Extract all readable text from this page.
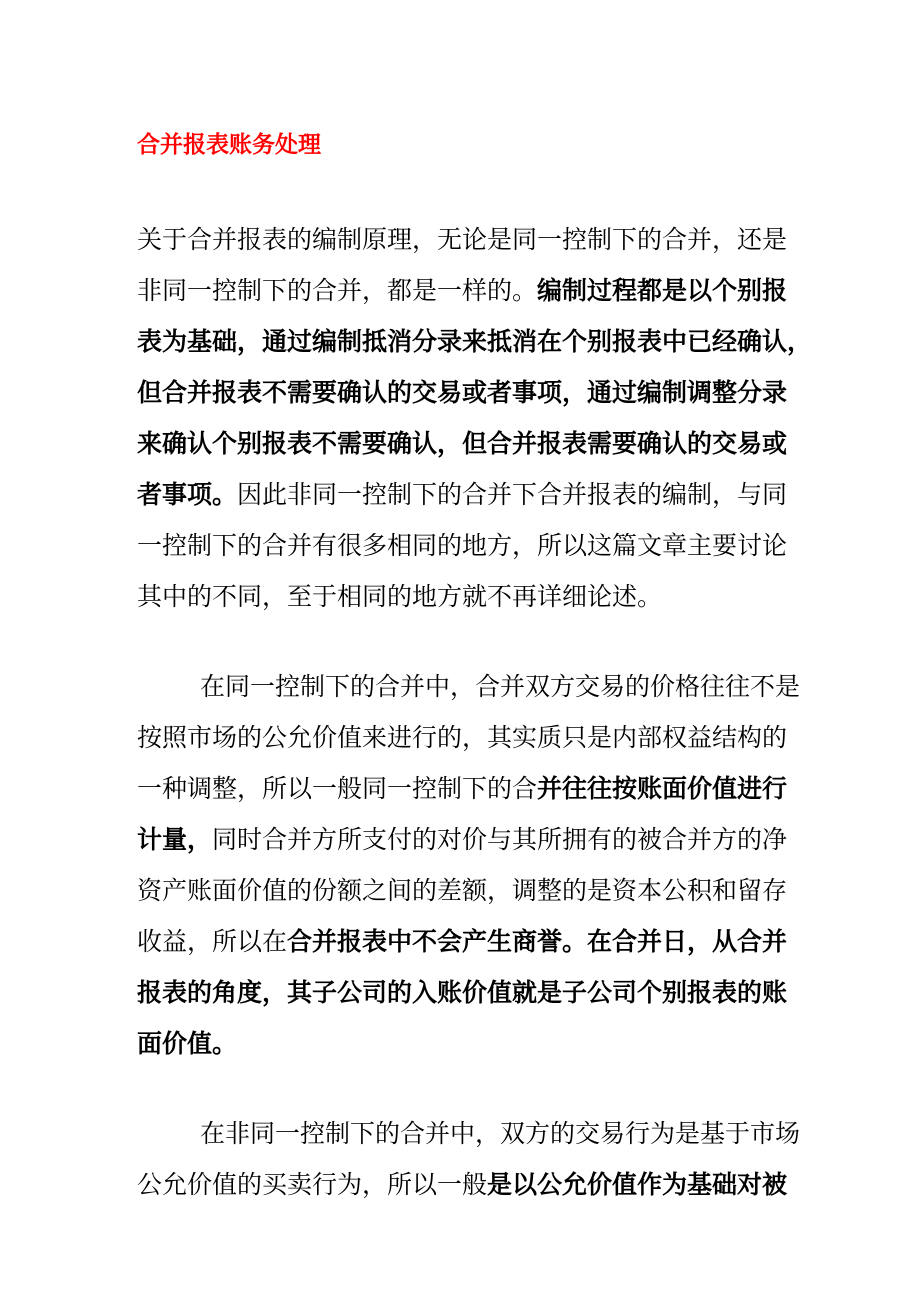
合并报表账务处理
关于合并报表的编制原理，无论是同一控制下的合并，还是
非同一控制下的合并，都是一样的。编制过程都是以个别报
表为基础，通过编制抵消分录来抵消在个别报表中已经确认，
但合并报表不需要确认的交易或者事项，通过编制调整分录
来确认个别报表不需要确认，但合并报表需要确认的交易或
者事项。因此非同一控制下的合并下合并报表的编制，与同
一控制下的合并有很多相同的地方，所以这篇文章主要讨论
其中的不同，至于相同的地方就不再详细论述。
在同一控制下的合并中，合并双方交易的价格往往不是
按照市场的公允价值来进行的，其实质只是内部权益结构的
一种调整，所以一般同一控制下的合并往往按账面价值进行
计量，同时合并方所支付的对价与其所拥有的被合并方的净
资产账面价值的份额之间的差额，调整的是资本公积和留存
收益，所以在合并报表中不会产生商誉。在合并日，从合并
报表的角度，其子公司的入账价值就是子公司个别报表的账
面价值。
在非同一控制下的合并中，双方的交易行为是基于市场
公允价值的买卖行为，所以一般是以公允价值作为基础对被
